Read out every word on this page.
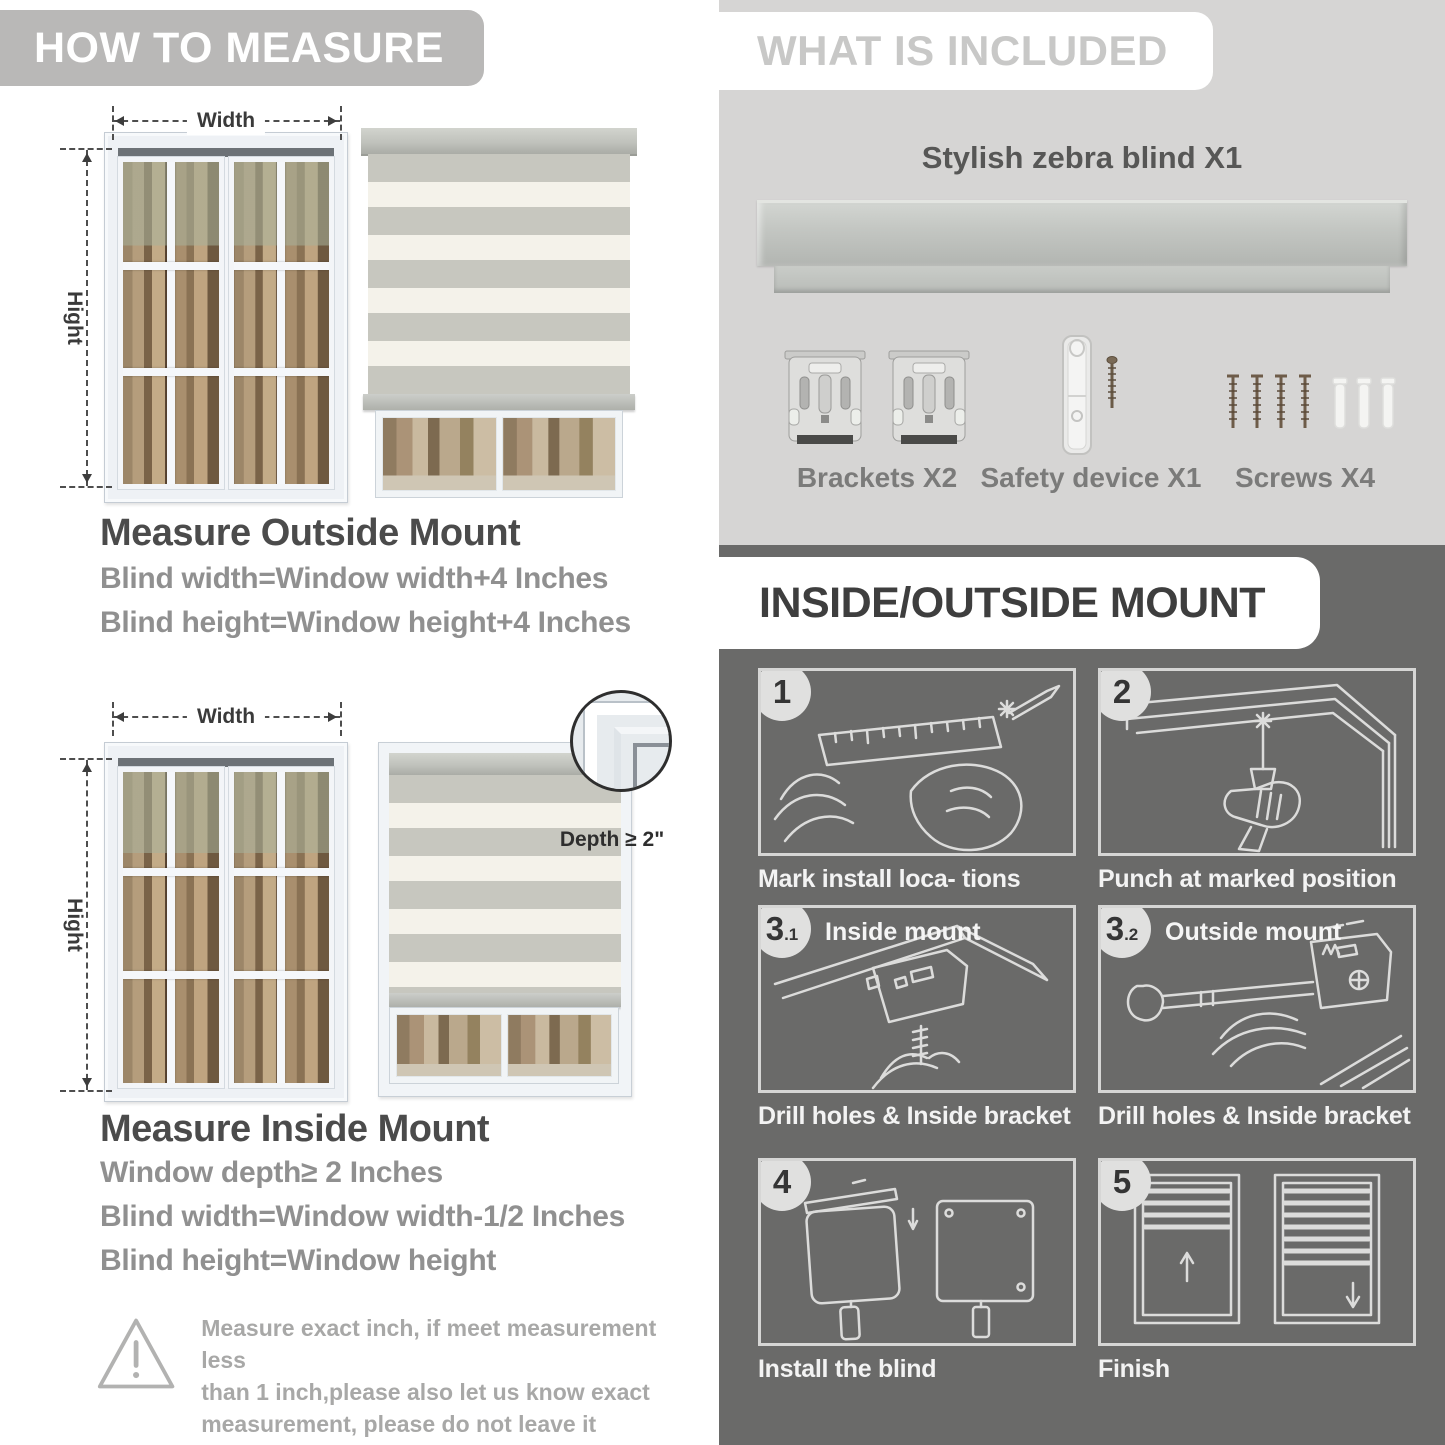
HOW TO MEASURE
Width
Hight
Measure Outside Mount
Blind width=Window width+4 Inches
Blind height=Window height+4 Inches
Width
Hight
Depth ≥ 2"
Measure Inside Mount
Window depth≥ 2 Inches
Blind width=Window width-1/2 Inches
Blind height=Window height
Measure exact inch, if meet measurement less
than 1 inch,please also let us know exact
measurement, please do not leave it
WHAT IS INCLUDED
Stylish zebra blind X1
Brackets X2 Safety device X1	Screws X4
INSIDE/OUTSIDE MOUNT
1
Mark install loca- tions
2
Punch at marked position
3 .1 Inside mount
Drill holes & Inside bracket
3 .2 Outside mount
Drill holes & Inside bracket
4
Install the blind
5
Finish
